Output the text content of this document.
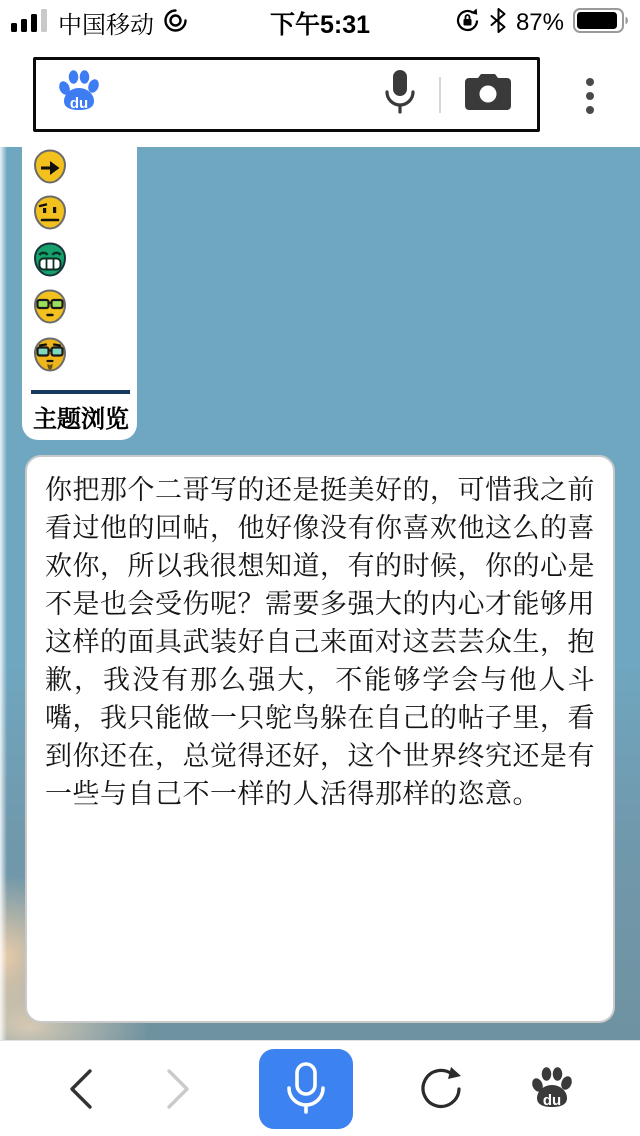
中国移动	下午5:31	87%
du
主题浏览
你把那个二哥写的还是挺美好的，可惜我之前看过他的回帖，他好像没有你喜欢他这么的喜欢你，所以我很想知道，有的时候，你的心是不是也会受伤呢？需要多强大的内心才能够用这样的面具武装好自己来面对这芸芸众生，抱歉，我没有那么强大，不能够学会与他人斗嘴，我只能做一只鸵鸟躲在自己的帖子里，看到你还在，总觉得还好，这个世界终究还是有一些与自己不一样的人活得那样的恣意。
du
